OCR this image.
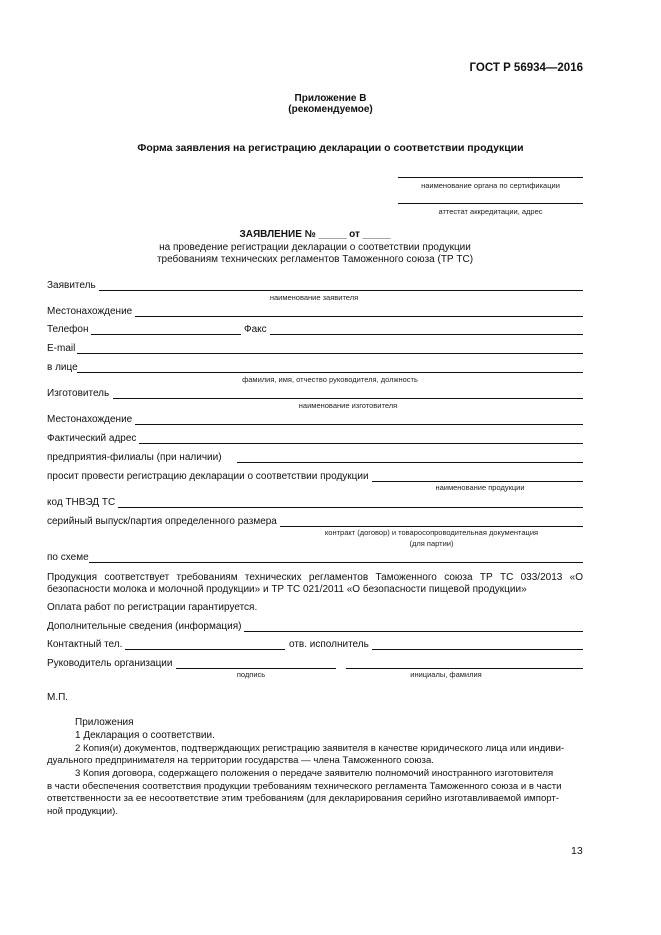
ГОСТ Р 56934—2016
Приложение В
(рекомендуемое)
Форма заявления на регистрацию декларации о соответствии продукции
наименование органа по сертификации
аттестат аккредитации, адрес
ЗАЯВЛЕНИЕ № _____ от _____
на проведение регистрации декларации о соответствии продукции
требованиям технических регламентов Таможенного союза (ТР ТС)
Заявитель
наименование заявителя
Местонахождение
Телефон	Факс
E-mail
в лице
фамилия, имя, отчество руководителя, должность
Изготовитель
наименование изготовителя
Местонахождение
Фактический адрес
предприятия-филиалы (при наличии)
просит провести регистрацию декларации о соответствии продукции
наименование продукции
код ТНВЭД ТС
серийный выпуск/партия определенного размера
контракт (договор) и товаросопроводительная документация
(для партии)
по схеме
Продукция соответствует требованиям технических регламентов Таможенного союза ТР ТС 033/2013 «О безопасности молока и молочной продукции» и ТР ТС 021/2011 «О безопасности пищевой продукции»
Оплата работ по регистрации гарантируется.
Дополнительные сведения (информация)
Контактный тел.	отв. исполнитель
Руководитель организации
подпись	инициалы, фамилия
М.П.
Приложения
1 Декларация о соответствии.
2 Копия(и) документов, подтверждающих регистрацию заявителя в качестве юридического лица или индиви-
дуального предпринимателя на территории государства — члена Таможенного союза.
3 Копия договора, содержащего положения о передаче заявителю полномочий иностранного изготовителя
в части обеспечения соответствия продукции требованиям технического регламента Таможенного союза и в части
ответственности за ее несоответствие этим требованиям (для декларирования серийно изготавливаемой импорт-
ной продукции).
13
